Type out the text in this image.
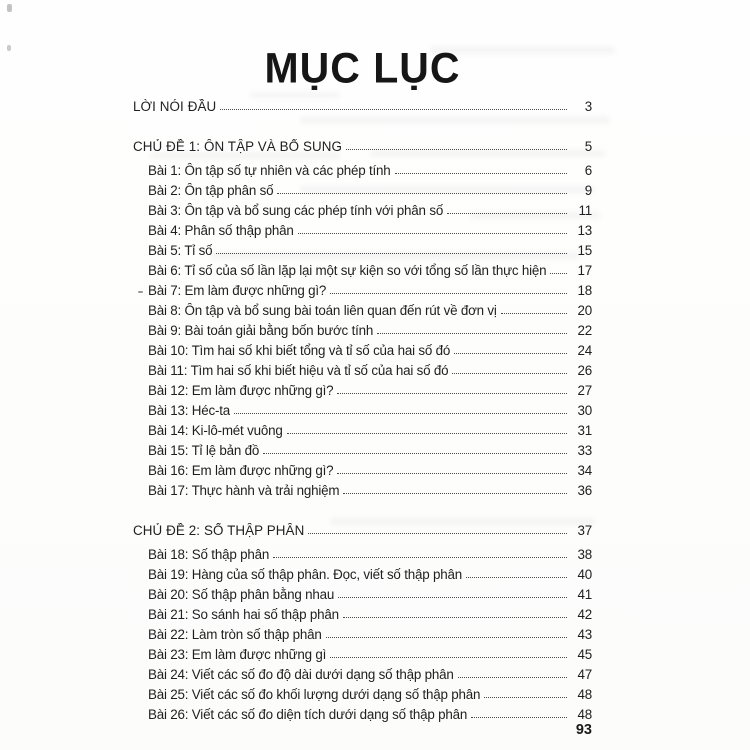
MỤC LỤC
LỜI NÓI ĐẦU	3
CHỦ ĐỀ 1: ÔN TẬP VÀ BỔ SUNG	5
Bài 1: Ôn tập số tự nhiên và các phép tính	6
Bài 2: Ôn tập phân số	9
Bài 3: Ôn tập và bổ sung các phép tính với phân số	11
Bài 4: Phân số thập phân	13
Bài 5: Tỉ số	15
Bài 6: Tỉ số của số lần lặp lại một sự kiện so với tổng số lần thực hiện	17
Bài 7: Em làm được những gì?	18
Bài 8: Ôn tập và bổ sung bài toán liên quan đến rút về đơn vị	20
Bài 9: Bài toán giải bằng bốn bước tính	22
Bài 10: Tìm hai số khi biết tổng và tỉ số của hai số đó	24
Bài 11: Tìm hai số khi biết hiệu và tỉ số của hai số đó	26
Bài 12: Em làm được những gì?	27
Bài 13: Héc-ta	30
Bài 14: Ki-lô-mét vuông	31
Bài 15: Tỉ lệ bản đồ	33
Bài 16: Em làm được những gì?	34
Bài 17: Thực hành và trải nghiệm	36
CHỦ ĐỀ 2: SỐ THẬP PHÂN	37
Bài 18: Số thập phân	38
Bài 19: Hàng của số thập phân. Đọc, viết số thập phân	40
Bài 20: Số thập phân bằng nhau	41
Bài 21: So sánh hai số thập phân	42
Bài 22: Làm tròn số thập phân	43
Bài 23: Em làm được những gì	45
Bài 24: Viết các số đo độ dài dưới dạng số thập phân	47
Bài 25: Viết các số đo khối lượng dưới dạng số thập phân	48
Bài 26: Viết các số đo diện tích dưới dạng số thập phân	48
93
